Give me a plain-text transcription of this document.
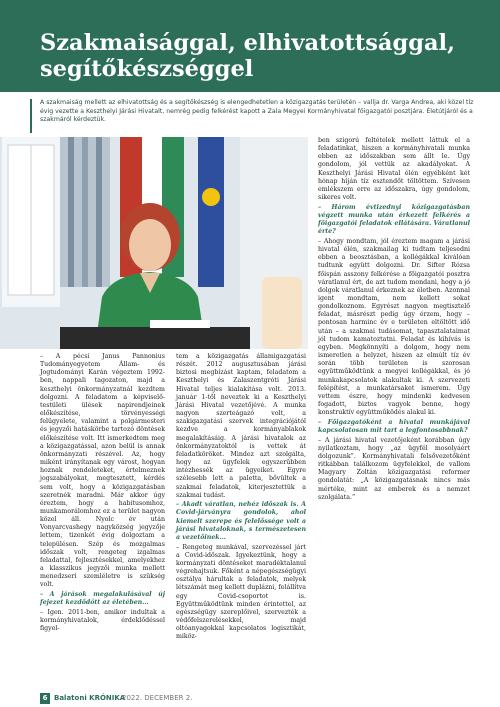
Szakmaisággal, elhivatottsággal, segítőkészséggel
A szakmaiság mellett az elhivatottság és a segítőkészség is elengedhetetlen a közigazgatás területén – vallja dr. Varga Andrea, aki közel tíz évig vezette a Keszthelyi Járási Hivatalt, nemrég pedig felkérést kapott a Zala Megyei Kormányhivatal főigazgatói posztjára. Életútjáról és a szakmáról kérdeztük.

– A pécsi Janus Pannonius Tudományegyetem Állam- és Jogtudományi Karán végeztem 1992-ben, nappali tagozaton, majd a keszthelyi önkormányzatnál kezdtem dolgozni. A feladatom a képviselő-testületi ülések napirendjeinek előkészítése, törvényességi felügyelete, valamint a polgármesteri és jegyzői hatáskörbe tartozó döntések előkészítése volt. Itt ismerkedtem meg a közigazgatással, azon belül is annak önkormányzati részével. Az, hogy miként irányítanak egy várost, hogyan hoznak rendeleteket, értelmeznek jogszabályokat, megtesztett, kérdés sem volt, hogy a közigazgatásban szeretnék maradni. Már akkor úgy éreztem, hogy a habitusomhoz, munkamorálomhoz ez a terület nagyon közel áll. Nyolc év után Vonyarcvashegy nagyközség jegyzője lettem, tizenkét évig dolgoztam a településen. Szép és mozgalmas időszak volt, rengeteg izgalmas feladattal, fejlesztésekkel, amelyekhez a klasszikus jegyzői munka mellett menedzseri szemléletre is szükség volt.

– A járások megalakulásával új fejezet kezdődött az életében…

– Igen. 2011-ben, amikor indultak a kormányhivatalok, érdeklődéssel figyel-

tem a közigazgatás államigazgatási részét. 2012 augusztusában járási biztosi megbízást kaptam, feladatom a Keszthelyi és Zalaszentgróti Járási Hivatal teljes kialakítása volt. 2013. január 1-től neveztek ki a Keszthelyi Járási Hivatal vezetőjévé. A munka nagyon szerteágazó volt, a szakigazgatási szervek integrációjától kezdve a kormányablakok megalakításáig. A járási hivatalok az önkormányzatoktól is vettek át feladatköröket. Mindez azt szolgálta, hogy az ügyfelek egyszerűbben intézhessék az ügyeiket. Egyre szélesebb lett a paletta, bővültek a szakmai feladatok, kiterjesztettük a szakmai tudást.

– Akadt váratlan, nehéz időszak is. A Covid-járványra gondolok, ahol kiemelt szerepe és felelőssége volt a járási hivataloknak, s természetesen a vezetőinek…

– Rengeteg munkával, szervezéssel járt a Covid-időszak. Igyekeztünk, hogy a kormányzati döntéseket maradéktalanul végrehajtsuk. Főként a népegészségügyi osztálya hárultak a feladatok, melyek létszámát meg kellett duplázni, felállítva egy Covid-csoportot is. Együttműködtünk minden érintettel, az egészségügy szereplőivel, szervezték a védőfelszerelésekkel, majd oltóanyagokkal kapcsolatos logisztikát, miköz-

ben szigorú feltételek mellett láttuk el a feladatinkat, hiszen a kormányhivatali munka ebben az időszakban sem állt le. Úgy gondolom, jól vettük az akadályokat. A Keszthelyi Járási Hivatal élén egyébként két hónap híján tíz esztendőt töltöttem. Szívesen emlékszem erre az időszakra, úgy gondolom, sikeres volt.

– Három évtizednyi közigazgatásban végzett munka után érkezett felkérés a főigazgatói feladatok ellátására. Váratlanul érte?

– Ahogy mondtam, jól éreztem magam a járási hivatal élén, szakmailag ki tudtam teljesedni ebben a beosztásban, a kollégákkal kiválóan tudtunk együtt dolgozni. Dr. Sifter Rózsa főispán asszony felkérése a főigazgatói posztra váratlanul ért, de azt tudom mondani, hogy a jó dolgok váratlanul érkeznek az életben. Azonnal igent mondtam, nem kellett sokat gondolkoznom. Egyrészt nagyon megtisztelő feladat, másrészt pedig úgy érzem, hogy – pontosan harminc év e területen eltöltött idő után – a szakmai tudásomat, tapasztalataimat jól tudom kamatoztatni. Feladat és kihívás is egyben. Megkönnyíti a dolgom, hogy nem ismeretlen a helyzet, hiszen az elmúlt tíz év során több területen is szorosan együttműködtünk a megyei kollégákkal, és jó munkakapcsolatok alakultak ki. A szervezeti felépítést, a munkatársaket ismerem. Úgy vettem észre, hogy mindenki kedvesen fogadott, biztos vagyok benne, hogy konstruktív együttműködés alakul ki.

– Főigazgatóként a hivatal munkájával kapcsolatosan mit tart a legfontosabbnak?

– A járási hivatal vezetőjeként korábban úgy nyilatkoztam, hogy „az ügyfél mosolyáért dolgozunk”. Kormányhivatali felsővezetőként ritkábban találkozom ügyfelekkel, de vallom Magyary Zoltán közigazgatási reformer gondolatát: „A közigazgatásnak nincs más mértéke, mint az emberek és a nemzet szolgálata.”

6 Balatoni KRÓNIKA
2022. DECEMBER 2.
